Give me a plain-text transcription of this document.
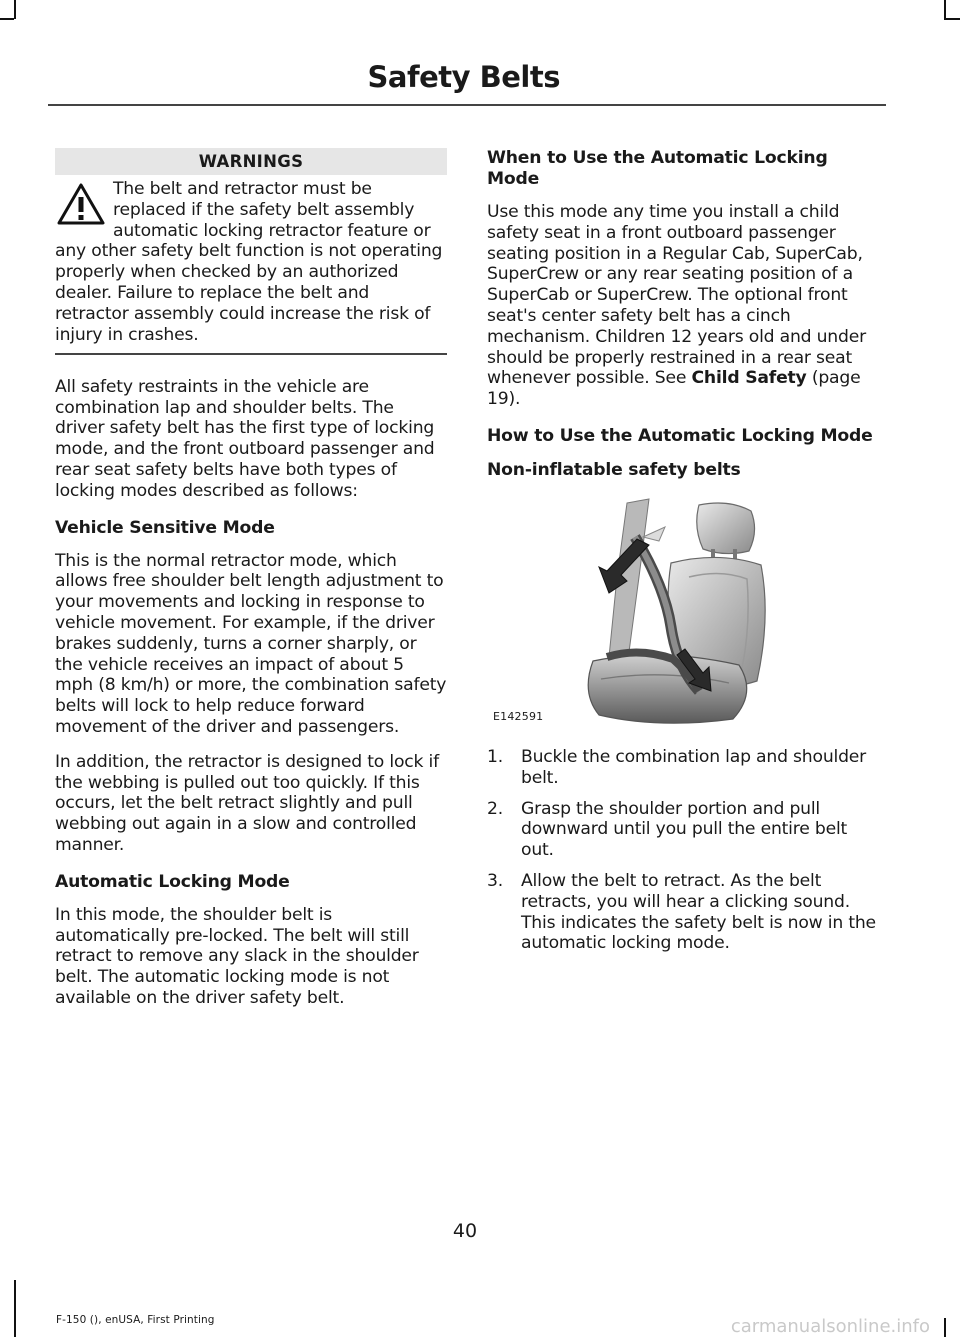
Safety Belts
WARNINGS

The belt and retractor must be replaced if the safety belt assembly automatic locking retractor feature or any other safety belt function is not operating properly when checked by an authorized dealer. Failure to replace the belt and retractor assembly could increase the risk of injury in crashes.

All safety restraints in the vehicle are combination lap and shoulder belts. The driver safety belt has the first type of locking mode, and the front outboard passenger and rear seat safety belts have both types of locking modes described as follows:

Vehicle Sensitive Mode

This is the normal retractor mode, which allows free shoulder belt length adjustment to your movements and locking in response to vehicle movement. For example, if the driver brakes suddenly, turns a corner sharply, or the vehicle receives an impact of about 5 mph (8 km/h) or more, the combination safety belts will lock to help reduce forward movement of the driver and passengers.

In addition, the retractor is designed to lock if the webbing is pulled out too quickly. If this occurs, let the belt retract slightly and pull webbing out again in a slow and controlled manner.

Automatic Locking Mode

In this mode, the shoulder belt is automatically pre-locked. The belt will still retract to remove any slack in the shoulder belt. The automatic locking mode is not available on the driver safety belt.

When to Use the Automatic Locking Mode

Use this mode any time you install a child safety seat in a front outboard passenger seating position in a Regular Cab, SuperCab, SuperCrew or any rear seating position of a SuperCab or SuperCrew. The optional front seat's center safety belt has a cinch mechanism. Children 12 years old and under should be properly restrained in a rear seat whenever possible. See Child Safety (page 19).

How to Use the Automatic Locking Mode

Non-inflatable safety belts

E142591
1. Buckle the combination lap and shoulder belt.
2. Grasp the shoulder portion and pull downward until you pull the entire belt out.
3. Allow the belt to retract. As the belt retracts, you will hear a clicking sound. This indicates the safety belt is now in the automatic locking mode.
40
F-150 (), enUSA, First Printing	carmanualsonline.info
